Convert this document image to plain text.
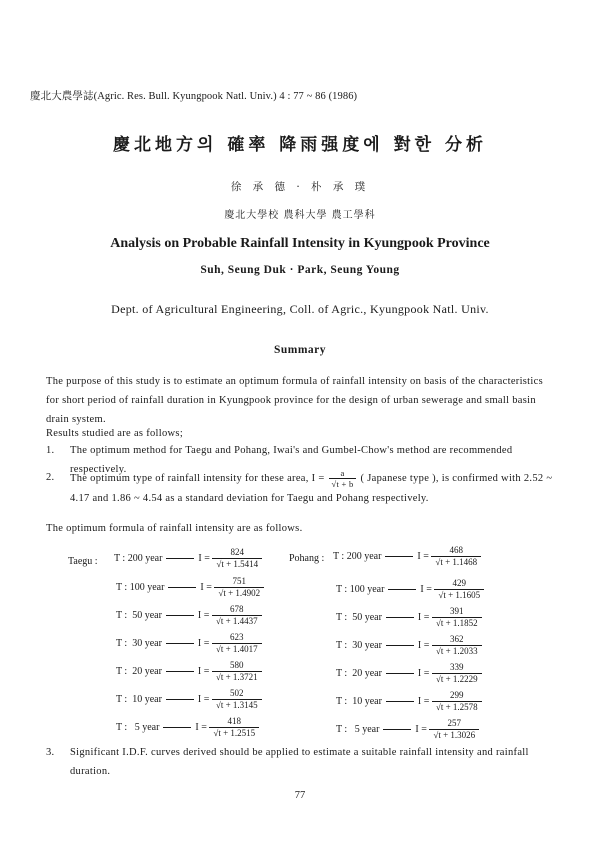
慶北大農學誌(Agric. Res. Bull. Kyungpook Natl. Univ.) 4 : 77 ~ 86 (1986)
慶北地方의 確率 降雨强度에 對한 分析
徐 承 德 · 朴 承 璞
慶北大學校 農科大學 農工學科
Analysis on Probable Rainfall Intensity in Kyungpook Province
Suh, Seung Duk · Park, Seung Young
Dept. of Agricultural Engineering, Coll. of Agric., Kyungpook Natl. Univ.
Summary
The purpose of this study is to estimate an optimum formula of rainfall intensity on basis of the characteristics for short period of rainfall duration in Kyungpook province for the design of urban sewerage and small basin drain system.
Results studied are as follows;
1. The optimum method for Taegu and Pohang, Iwai's and Gumbel-Chow's method are recommended respectively.
2. The optimum type of rainfall intensity for these area, $I = \frac{a}{√t + b}$ ( Japanese type ), is confirmed with 2.52 ~ 4.17 and 1.86 ~ 4.54 as a standard deviation for Taegu and Pohang respectively.
The optimum formula of rainfall intensity are as follows.
Taegu :	Pohang :
T : 200 year	$I = \frac{824}{√t + 1.5414}$
T : 100 year	$I = \frac{751}{√t + 1.4902}$
T :  50 year	$I = \frac{678}{√t + 1.4437}$
T :  30 year	$I = \frac{623}{√t + 1.4017}$
T :  20 year	$I = \frac{580}{√t + 1.3721}$
T :  10 year	$I = \frac{502}{√t + 1.3145}$
T :   5 year	$I = \frac{418}{√t + 1.2515}$
T : 200 year	$I = \frac{468}{√t + 1.1468}$
T : 100 year	$I = \frac{429}{√t + 1.1605}$
T :  50 year	$I = \frac{391}{√t + 1.1852}$
T :  30 year	$I = \frac{362}{√t + 1.2033}$
T :  20 year	$I = \frac{339}{√t + 1.2229}$
T :  10 year	$I = \frac{299}{√t + 1.2578}$
T :   5 year	$I = \frac{257}{√t + 1.3026}$
3. Significant I.D.F. curves derived should be applied to estimate a suitable rainfall intensity and rainfall duration.
77
